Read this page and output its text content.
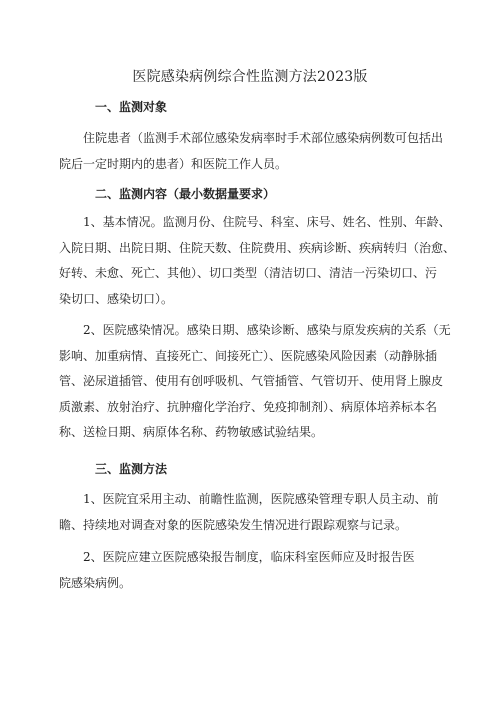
医院感染病例综合性监测方法2023版
一、监测对象
住院患者（监测手术部位感染发病率时手术部位感染病例数可包括出
院后一定时期内的患者）和医院工作人员。
二、监测内容（最小数据量要求）
1、基本情况。监测月份、住院号、科室、床号、姓名、性别、年龄、
入院日期、出院日期、住院天数、住院费用、疾病诊断、疾病转归（治愈、
好转、未愈、死亡、其他）、切口类型（清洁切口、清洁一污染切口、污
染切口、感染切口）。
2、医院感染情况。感染日期、感染诊断、感染与原发疾病的关系（无
影响、加重病情、直接死亡、间接死亡）、医院感染风险因素（动静脉插
管、泌尿道插管、使用有创呼吸机、气管插管、气管切开、使用肾上腺皮
质激素、放射治疗、抗肿瘤化学治疗、免疫抑制剂）、病原体培养标本名
称、送检日期、病原体名称、药物敏感试验结果。
三、监测方法
1、医院宜采用主动、前瞻性监测，医院感染管理专职人员主动、前
瞻、持续地对调查对象的医院感染发生情况进行跟踪观察与记录。
2、医院应建立医院感染报告制度，临床科室医师应及时报告医
院感染病例。
